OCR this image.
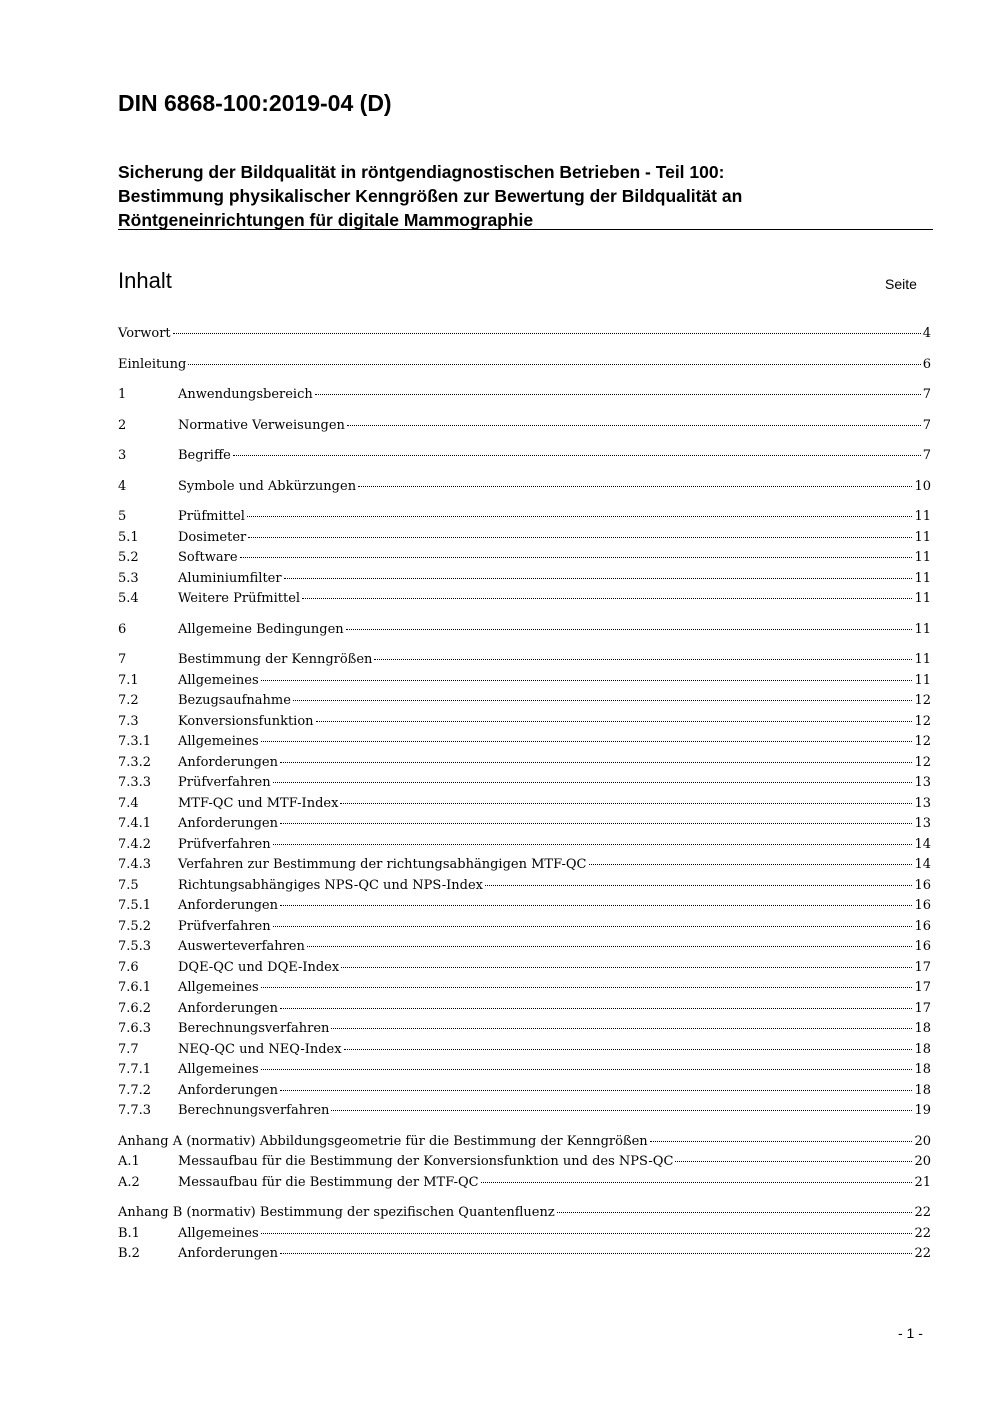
DIN 6868-100:2019-04 (D)
Sicherung der Bildqualität in röntgendiagnostischen Betrieben - Teil 100:
Bestimmung physikalischer Kenngrößen zur Bewertung der Bildqualität an
Röntgeneinrichtungen für digitale Mammographie
Inhalt	Seite
Vorwort	4
Einleitung	6
1	Anwendungsbereich	7
2	Normative Verweisungen	7
3	Begriffe	7
4	Symbole und Abkürzungen	10
5	Prüfmittel	11
5.1	Dosimeter	11
5.2	Software	11
5.3	Aluminiumfilter	11
5.4	Weitere Prüfmittel	11
6	Allgemeine Bedingungen	11
7	Bestimmung der Kenngrößen	11
7.1	Allgemeines	11
7.2	Bezugsaufnahme	12
7.3	Konversionsfunktion	12
7.3.1	Allgemeines	12
7.3.2	Anforderungen	12
7.3.3	Prüfverfahren	13
7.4	MTF-QC und MTF-Index	13
7.4.1	Anforderungen	13
7.4.2	Prüfverfahren	14
7.4.3	Verfahren zur Bestimmung der richtungsabhängigen MTF-QC	14
7.5	Richtungsabhängiges NPS-QC und NPS-Index	16
7.5.1	Anforderungen	16
7.5.2	Prüfverfahren	16
7.5.3	Auswerteverfahren	16
7.6	DQE-QC und DQE-Index	17
7.6.1	Allgemeines	17
7.6.2	Anforderungen	17
7.6.3	Berechnungsverfahren	18
7.7	NEQ-QC und NEQ-Index	18
7.7.1	Allgemeines	18
7.7.2	Anforderungen	18
7.7.3	Berechnungsverfahren	19
Anhang A (normativ) Abbildungsgeometrie für die Bestimmung der Kenngrößen	20
A.1	Messaufbau für die Bestimmung der Konversionsfunktion und des NPS-QC	20
A.2	Messaufbau für die Bestimmung der MTF-QC	21
Anhang B (normativ) Bestimmung der spezifischen Quantenfluenz	22
B.1	Allgemeines	22
B.2	Anforderungen	22
- 1 -
